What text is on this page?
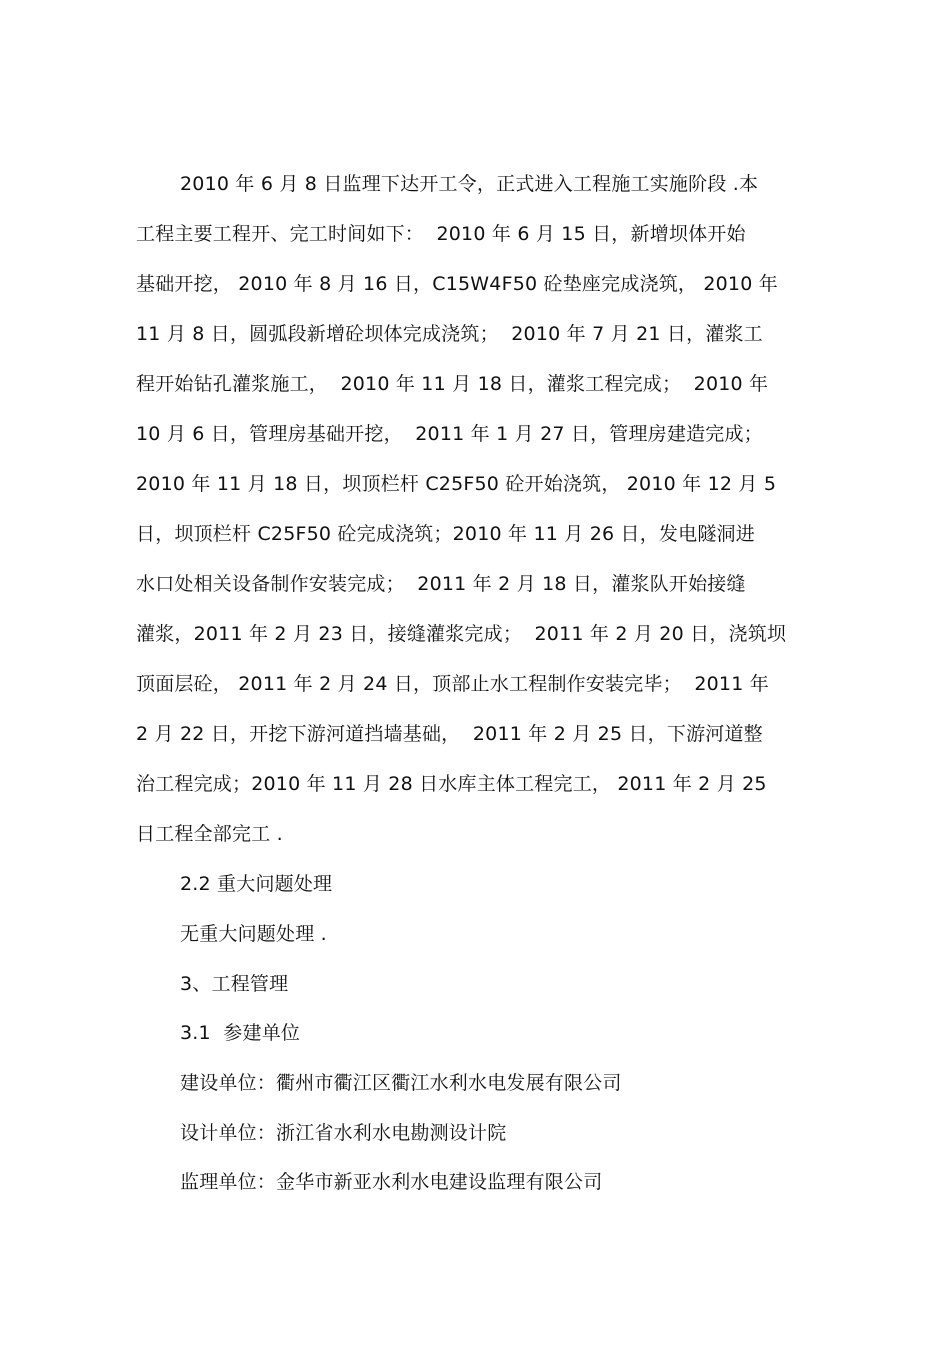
2010 年 6 月 8 日监理下达开工令，正式进入工程施工实施阶段 .本
工程主要工程开、完工时间如下：  2010 年 6 月 15 日，新增坝体开始
基础开挖， 2010 年 8 月 16 日，C15W4F50 砼垫座完成浇筑， 2010 年
11 月 8 日，圆弧段新增砼坝体完成浇筑；  2010 年 7 月 21 日，灌浆工
程开始钻孔灌浆施工，  2010 年 11 月 18 日，灌浆工程完成；  2010 年
10 月 6 日，管理房基础开挖，  2011 年 1 月 27 日，管理房建造完成；
2010 年 11 月 18 日，坝顶栏杆 C25F50 砼开始浇筑， 2010 年 12 月 5
日，坝顶栏杆 C25F50 砼完成浇筑；2010 年 11 月 26 日，发电隧洞进
水口处相关设备制作安装完成；  2011 年 2 月 18 日，灌浆队开始接缝
灌浆，2011 年 2 月 23 日，接缝灌浆完成；  2011 年 2 月 20 日，浇筑坝
顶面层砼， 2011 年 2 月 24 日，顶部止水工程制作安装完毕；  2011 年
2 月 22 日，开挖下游河道挡墙基础，  2011 年 2 月 25 日，下游河道整
治工程完成；2010 年 11 月 28 日水库主体工程完工， 2011 年 2 月 25
日工程全部完工 .
2.2 重大问题处理
无重大问题处理 .
3、工程管理
3.1  参建单位
建设单位：衢州市衢江区衢江水利水电发展有限公司
设计单位：浙江省水利水电勘测设计院
监理单位：金华市新亚水利水电建设监理有限公司
